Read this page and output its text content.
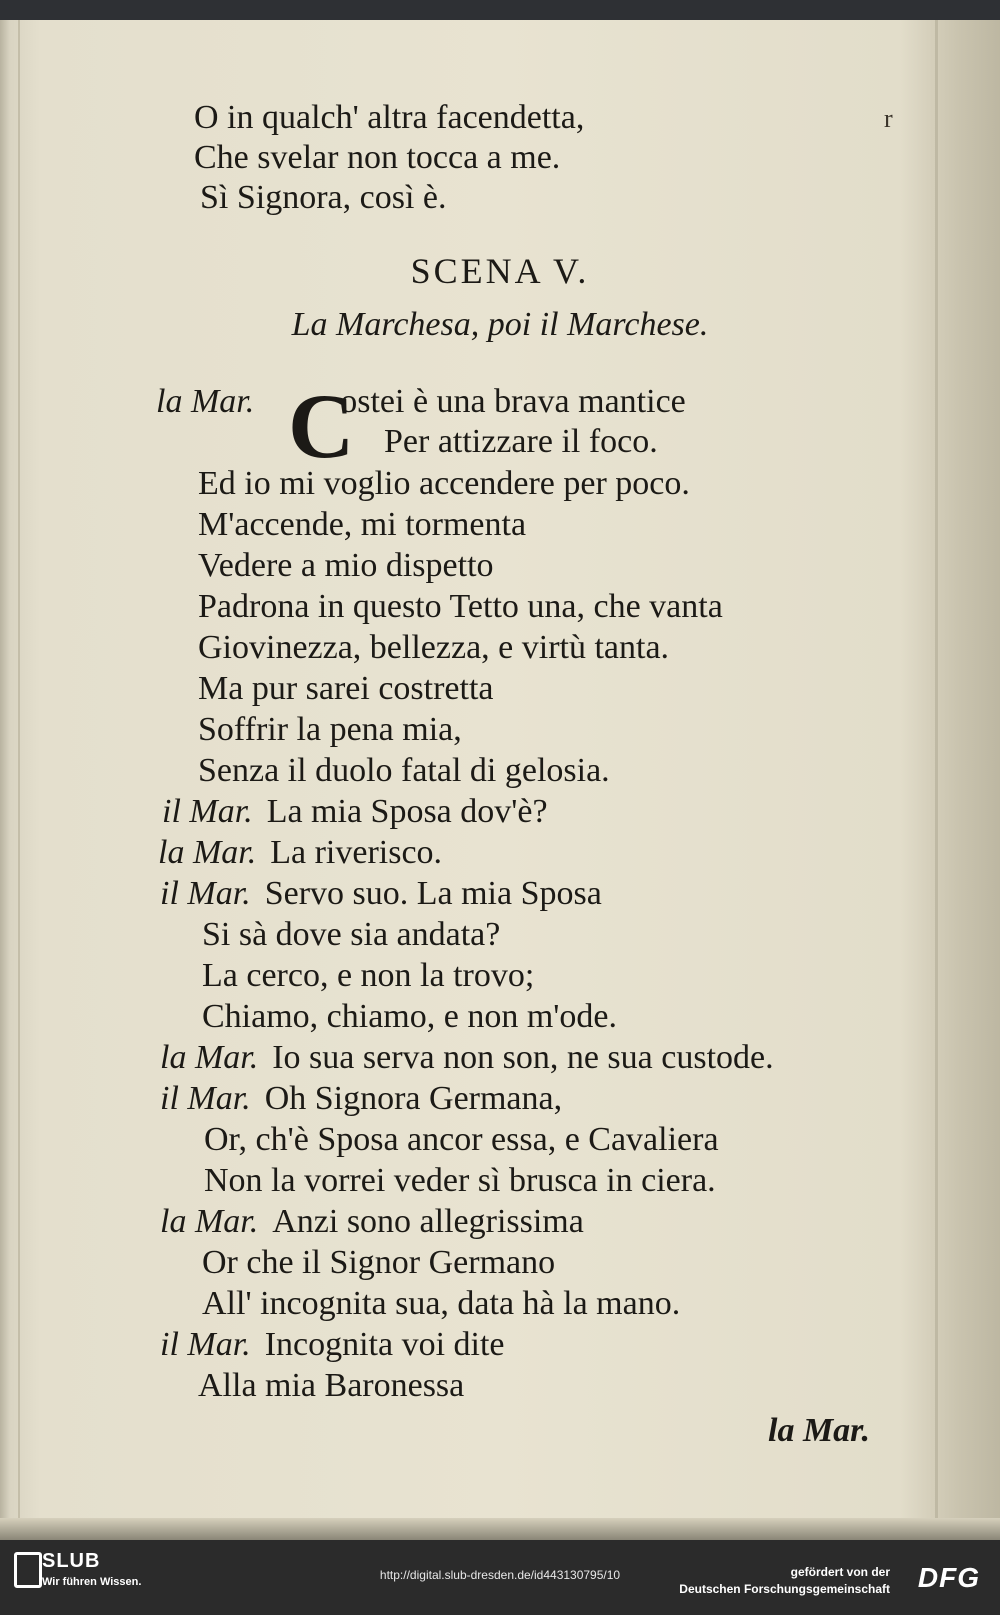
O in qualch' altra facendetta,
Che svelar non tocca a me.
Sì Signora, così è.
r
SCENA V.
La Marchesa, poi il Marchese.
C
la Mar.	ostei è una brava mantice
Per attizzare il foco.
Ed io mi voglio accendere per poco.
M'accende, mi tormenta
Vedere a mio dispetto
Padrona in questo Tetto una, che vanta
Giovinezza, bellezza, e virtù tanta.
Ma pur sarei costretta
Soffrir la pena mia,
Senza il duolo fatal di gelosia.
il Mar. La mia Sposa dov'è?
la Mar. La riverisco.
il Mar. Servo suo. La mia Sposa
Si sà dove sia andata?
La cerco, e non la trovo;
Chiamo, chiamo, e non m'ode.
la Mar. Io sua serva non son, ne sua custode.
il Mar. Oh Signora Germana,
Or, ch'è Sposa ancor essa, e Cavaliera
Non la vorrei veder sì brusca in ciera.
la Mar. Anzi sono allegrissima
Or che il Signor Germano
All' incognita sua, data hà la mano.
il Mar. Incognita voi dite
Alla mia Baronessa
la Mar.
SLUB
Wir führen Wissen.	http://digital.slub-dresden.de/id443130795/10	gefördert von der
Deutschen Forschungsgemeinschaft DFG
